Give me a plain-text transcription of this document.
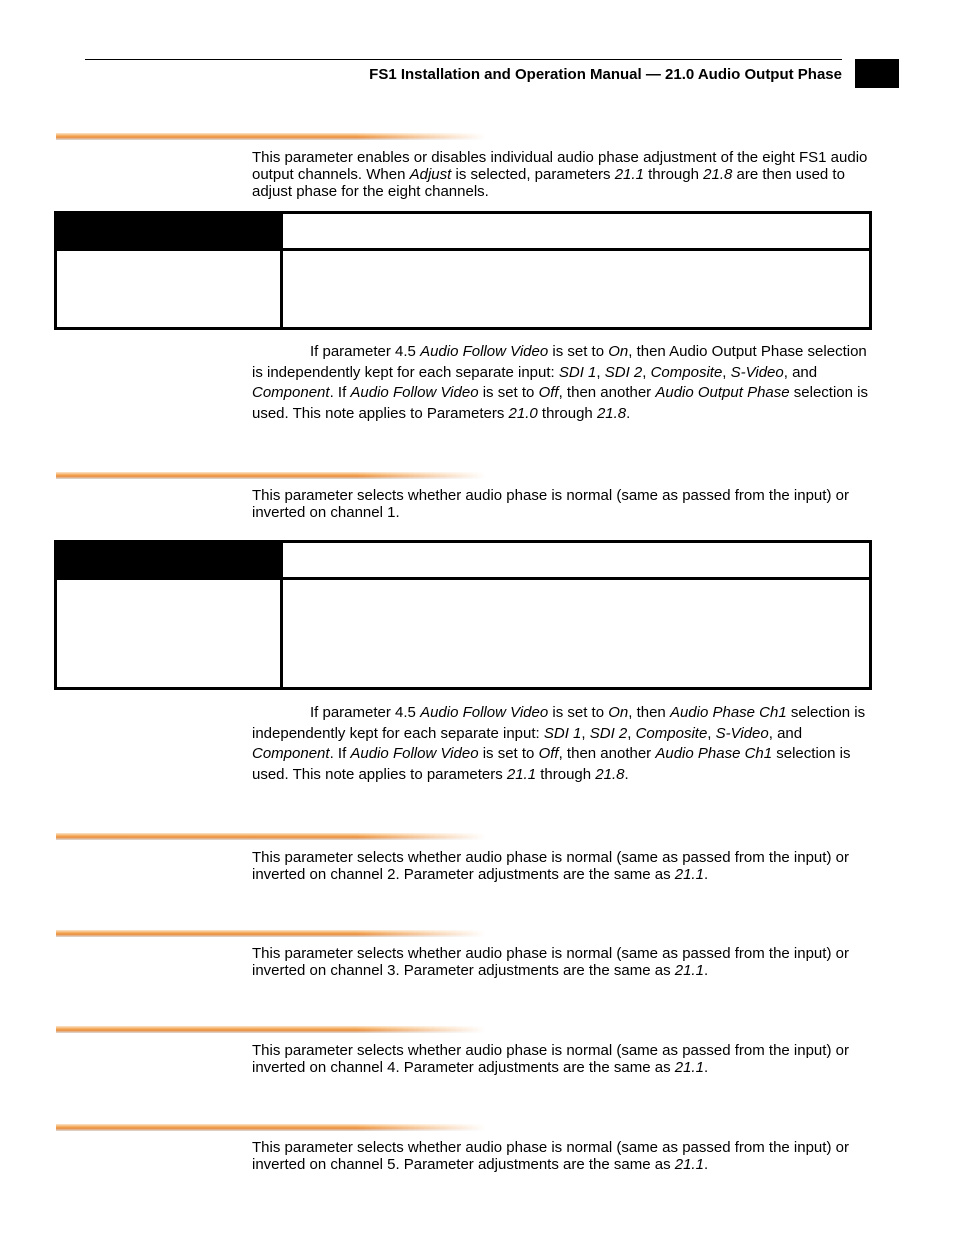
FS1 Installation and Operation Manual — 21.0 Audio Output Phase

This parameter enables or disables individual audio phase adjustment of the eight FS1 audio output channels. When Adjust is selected, parameters 21.1 through 21.8 are then used to adjust phase for the eight channels.

If parameter 4.5 Audio Follow Video is set to On, then Audio Output Phase selection is independently kept for each separate input: SDI 1, SDI 2, Composite, S-Video, and Component. If Audio Follow Video is set to Off, then another Audio Output Phase selection is used. This note applies to Parameters 21.0 through 21.8.

This parameter selects whether audio phase is normal (same as passed from the input) or inverted on channel 1.

If parameter 4.5 Audio Follow Video is set to On, then Audio Phase Ch1 selection is independently kept for each separate input: SDI 1, SDI 2, Composite, S-Video, and Component. If Audio Follow Video is set to Off, then another Audio Phase Ch1 selection is used. This note applies to parameters 21.1 through 21.8.

This parameter selects whether audio phase is normal (same as passed from the input) or inverted on channel 2. Parameter adjustments are the same as 21.1.

This parameter selects whether audio phase is normal (same as passed from the input) or inverted on channel 3. Parameter adjustments are the same as 21.1.

This parameter selects whether audio phase is normal (same as passed from the input) or inverted on channel 4. Parameter adjustments are the same as 21.1.

This parameter selects whether audio phase is normal (same as passed from the input) or inverted on channel 5. Parameter adjustments are the same as 21.1.
